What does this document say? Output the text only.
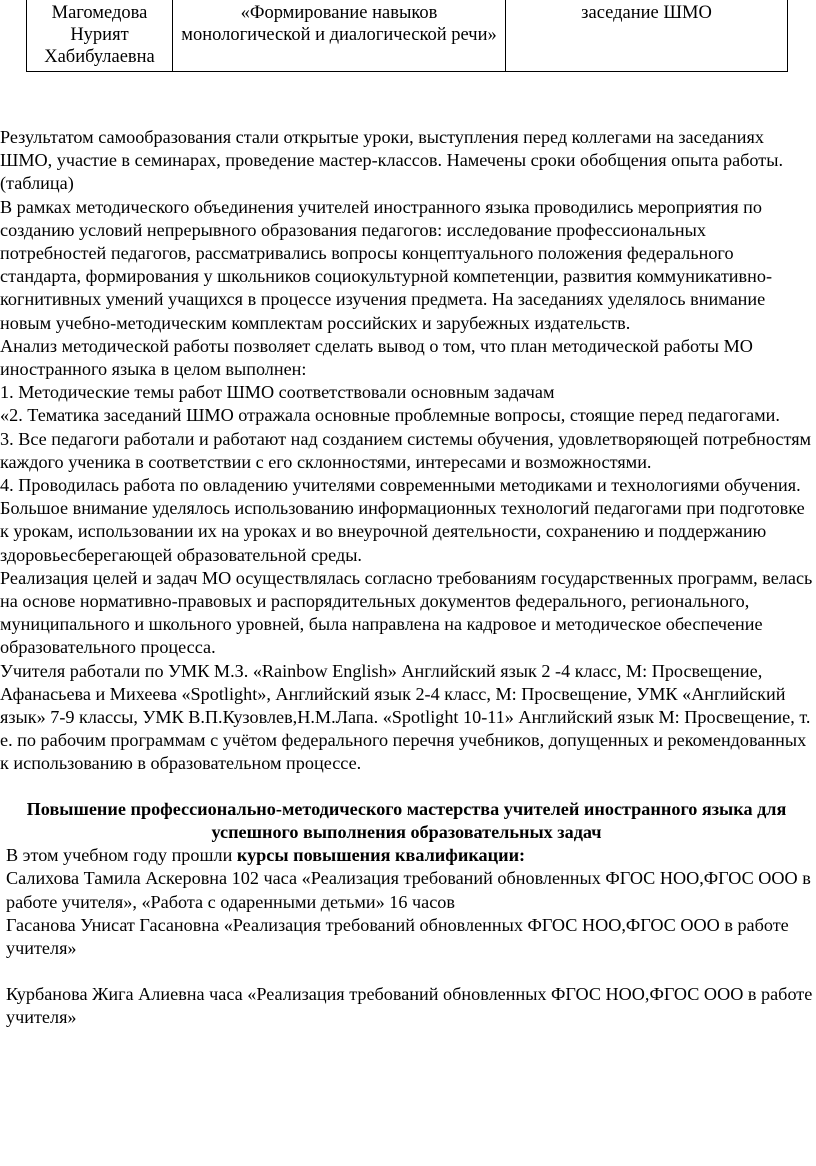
Магомедова Нурият Хабибулаевна	«Формирование навыков монологической и диалогической речи»	заседание ШМО

Результатом самообразования стали открытые уроки, выступления перед коллегами на заседаниях ШМО, участие в семинарах, проведение мастер-классов. Намечены сроки обобщения опыта работы. (таблица)

В рамках методического объединения учителей иностранного языка проводились мероприятия по созданию условий непрерывного образования педагогов: исследование профессиональных потребностей педагогов, рассматривались вопросы концептуального положения федерального стандарта, формирования у школьников социокультурной компетенции, развития коммуникативно-когнитивных умений учащихся в процессе изучения предмета. На заседаниях уделялось внимание новым учебно-методическим комплектам российских и зарубежных издательств.

Анализ методической работы позволяет сделать вывод о том, что план методической работы МО иностранного языка в целом выполнен:

1. Методические темы работ ШМО соответствовали основным задачам

«2. Тематика заседаний ШМО отражала основные проблемные вопросы, стоящие перед педагогами.

3. Все педагоги работали и работают над созданием системы обучения, удовлетворяющей потребностям каждого ученика в соответствии с его склонностями, интересами и возможностями.

4. Проводилась работа по овладению учителями современными методиками и технологиями обучения. Большое внимание уделялось использованию информационных технологий педагогами при подготовке к урокам, использовании их на уроках и во внеурочной деятельности, сохранению и поддержанию здоровьесберегающей образовательной среды.

Реализация целей и задач МО осуществлялась согласно требованиям государственных программ, велась на основе нормативно-правовых и распорядительных документов федерального, регионального, муниципального и школьного уровней, была направлена на кадровое и методическое обеспечение образовательного процесса.

Учителя работали по УМК М.З. «Rainbow English» Английский язык 2 -4 класс, М: Просвещение, Афанасьева и Михеева «Spotlight», Английский язык 2-4 класс, М: Просвещение, УМК «Английский язык» 7-9 классы, УМК В.П.Кузовлев,Н.М.Лапа. «Spotlight 10-11» Английский язык М: Просвещение, т. е. по рабочим программам с учётом федерального перечня учебников, допущенных и рекомендованных к использованию в образовательном процессе.

Повышение профессионально-методического мастерства учителей иностранного языка для успешного выполнения образовательных задач

В этом учебном году прошли курсы повышения квалификации:

Салихова Тамила Аскеровна 102 часа «Реализация требований обновленных ФГОС НОО,ФГОС ООО в работе учителя», «Работа с одаренными детьми» 16 часов

Гасанова Унисат Гасановна «Реализация требований обновленных ФГОС НОО,ФГОС ООО в работе учителя»

Курбанова Жига Алиевна часа «Реализация требований обновленных ФГОС НОО,ФГОС ООО в работе учителя»
